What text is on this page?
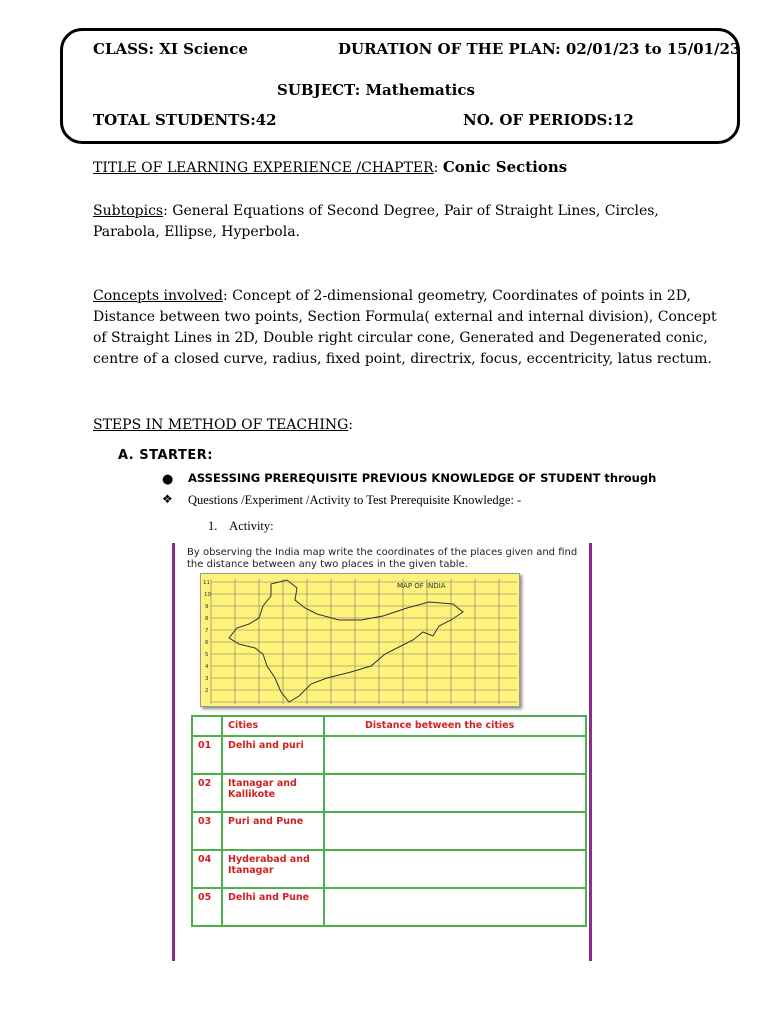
CLASS: XI Science	DURATION OF THE PLAN: 02/01/23 to 15/01/23
SUBJECT: Mathematics
TOTAL STUDENTS:42	NO. OF PERIODS:12
TITLE OF LEARNING EXPERIENCE /CHAPTER: Conic Sections
Subtopics: General Equations of Second Degree, Pair of Straight Lines, Circles,
Parabola, Ellipse, Hyperbola.
Concepts involved: Concept of 2-dimensional geometry, Coordinates of points in 2D,
Distance between two points, Section Formula( external and internal division), Concept
of Straight Lines in 2D, Double right circular cone, Generated and Degenerated conic,
centre of a closed curve, radius, fixed point, directrix, focus, eccentricity, latus rectum.
STEPS IN METHOD OF TEACHING:
A. STARTER:
● ASSESSING PREREQUISITE PREVIOUS KNOWLEDGE OF STUDENT through
❖ Questions /Experiment /Activity to Test Prerequisite Knowledge: -
1.    Activity:
By observing the India map write the coordinates of the places given and find the distance between any two places in the given table.
MAP OF INDIA
11
10
9
8
7
6
5
4
3
2
	Cities	Distance between the cities
01	Delhi and puri	
02	Itanagar and Kallikote	
03	Puri and Pune	
04	Hyderabad and Itanagar	
05	Delhi and Pune	
